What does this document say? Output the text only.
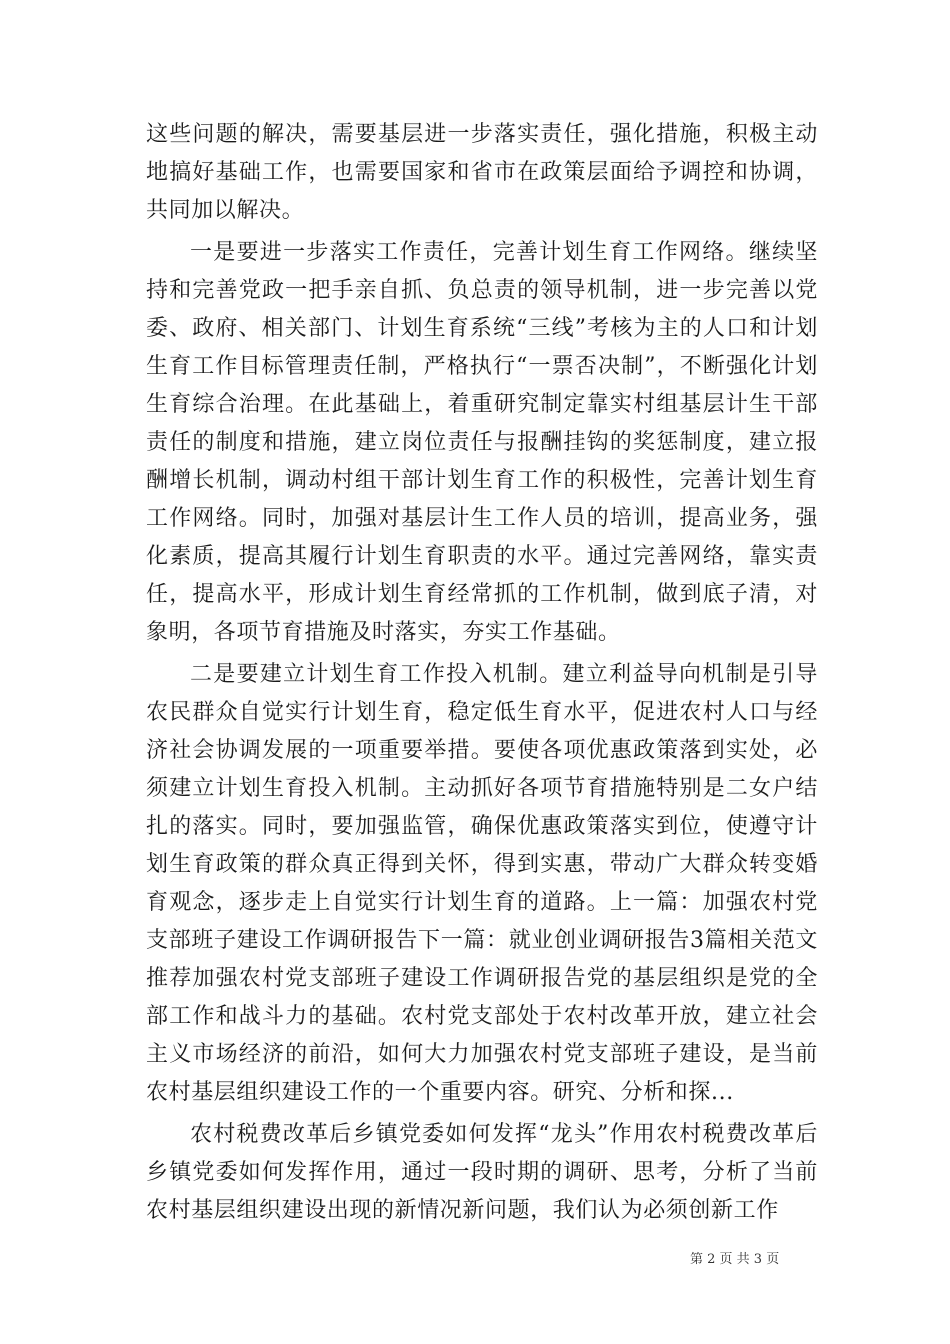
这些问题的解决，需要基层进一步落实责任，强化措施，积极主动地搞好基础工作，也需要国家和省市在政策层面给予调控和协调，共同加以解决。

一是要进一步落实工作责任，完善计划生育工作网络。继续坚持和完善党政一把手亲自抓、负总责的领导机制，进一步完善以党委、政府、相关部门、计划生育系统“三线”考核为主的人口和计划生育工作目标管理责任制，严格执行“一票否决制”，不断强化计划生育综合治理。在此基础上，着重研究制定靠实村组基层计生干部责任的制度和措施，建立岗位责任与报酬挂钩的奖惩制度，建立报酬增长机制，调动村组干部计划生育工作的积极性，完善计划生育工作网络。同时，加强对基层计生工作人员的培训，提高业务，强化素质，提高其履行计划生育职责的水平。通过完善网络，靠实责任，提高水平，形成计划生育经常抓的工作机制，做到底子清，对象明，各项节育措施及时落实，夯实工作基础。

二是要建立计划生育工作投入机制。建立利益导向机制是引导农民群众自觉实行计划生育，稳定低生育水平，促进农村人口与经济社会协调发展的一项重要举措。要使各项优惠政策落到实处，必须建立计划生育投入机制。主动抓好各项节育措施特别是二女户结扎的落实。同时，要加强监管，确保优惠政策落实到位，使遵守计划生育政策的群众真正得到关怀，得到实惠，带动广大群众转变婚育观念，逐步走上自觉实行计划生育的道路。上一篇：加强农村党支部班子建设工作调研报告下一篇：就业创业调研报告3篇相关范文推荐加强农村党支部班子建设工作调研报告党的基层组织是党的全部工作和战斗力的基础。农村党支部处于农村改革开放，建立社会主义市场经济的前沿，如何大力加强农村党支部班子建设，是当前农村基层组织建设工作的一个重要内容。研究、分析和探...

农村税费改革后乡镇党委如何发挥“龙头”作用农村税费改革后乡镇党委如何发挥作用，通过一段时期的调研、思考，分析了当前农村基层组织建设出现的新情况新问题，我们认为必须创新工作

第 2 页 共 3 页
